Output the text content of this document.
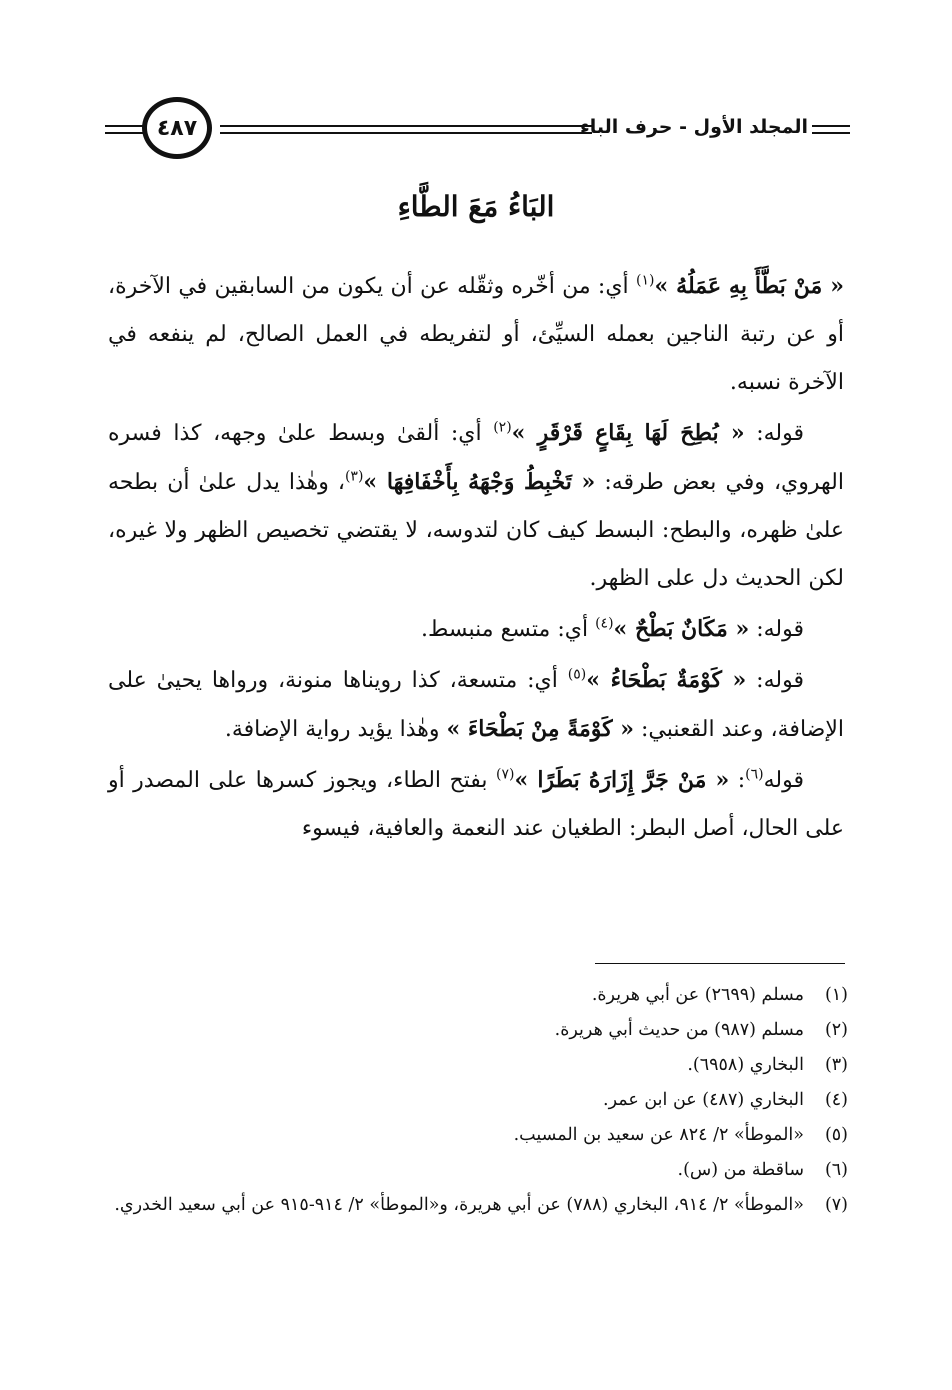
المجلد الأول - حرف الباء
٤٨٧
البَاءُ مَعَ الطَّاءِ

« مَنْ بَطَّأَ بِهِ عَمَلُهُ »$^{(١)}$ أي: من أخّره وثقّله عن أن يكون من السابقين في الآخرة، أو عن رتبة الناجين بعمله السيِّئ، أو لتفريطه في العمل الصالح، لم ينفعه في الآخرة نسبه.

قوله: « بُطِحَ لَهَا بِقَاعٍ قَرْقَرٍ »$^{(٢)}$ أي: ألقىٰ وبسط علىٰ وجهه، كذا فسره الهروي، وفي بعض طرقه: « تَخْبِطُ وَجْهَهُ بِأَخْفَافِهَا »$^{(٣)}$، وهٰذا يدل علىٰ أن بطحه علىٰ ظهره، والبطح: البسط كيف كان لتدوسه، لا يقتضي تخصيص الظهر ولا غيره، لكن الحديث دل على الظهر.

قوله: « مَكَانٌ بَطْحٌ »$^{(٤)}$ أي: متسع منبسط.

قوله: « كَوْمَةٌ بَطْحَاءُ »$^{(٥)}$ أي: متسعة، كذا رويناها منونة، ورواها يحيىٰ على الإضافة، وعند القعنبي: « كَوْمَةً مِنْ بَطْحَاءَ » وهٰذا يؤيد رواية الإضافة.

قوله$^{(٦)}$: « مَنْ جَرَّ إِزَارَهُ بَطَرًا »$^{(٧)}$ بفتح الطاء، ويجوز كسرها على المصدر أو على الحال، أصل البطر: الطغيان عند النعمة والعافية، فيسوء

(١)
مسلم (٢٦٩٩) عن أبي هريرة.
(٢)
مسلم (٩٨٧) من حديث أبي هريرة.
(٣)
البخاري (٦٩٥٨).
(٤)
البخاري (٤٨٧) عن ابن عمر.
(٥)
«الموطأ» ٢/ ٨٢٤ عن سعيد بن المسيب.
(٦)
ساقطة من (س).
(٧)
«الموطأ» ٢/ ٩١٤، البخاري (٧٨٨) عن أبي هريرة، و«الموطأ» ٢/ ٩١٤-٩١٥ عن أبي سعيد الخدري.
